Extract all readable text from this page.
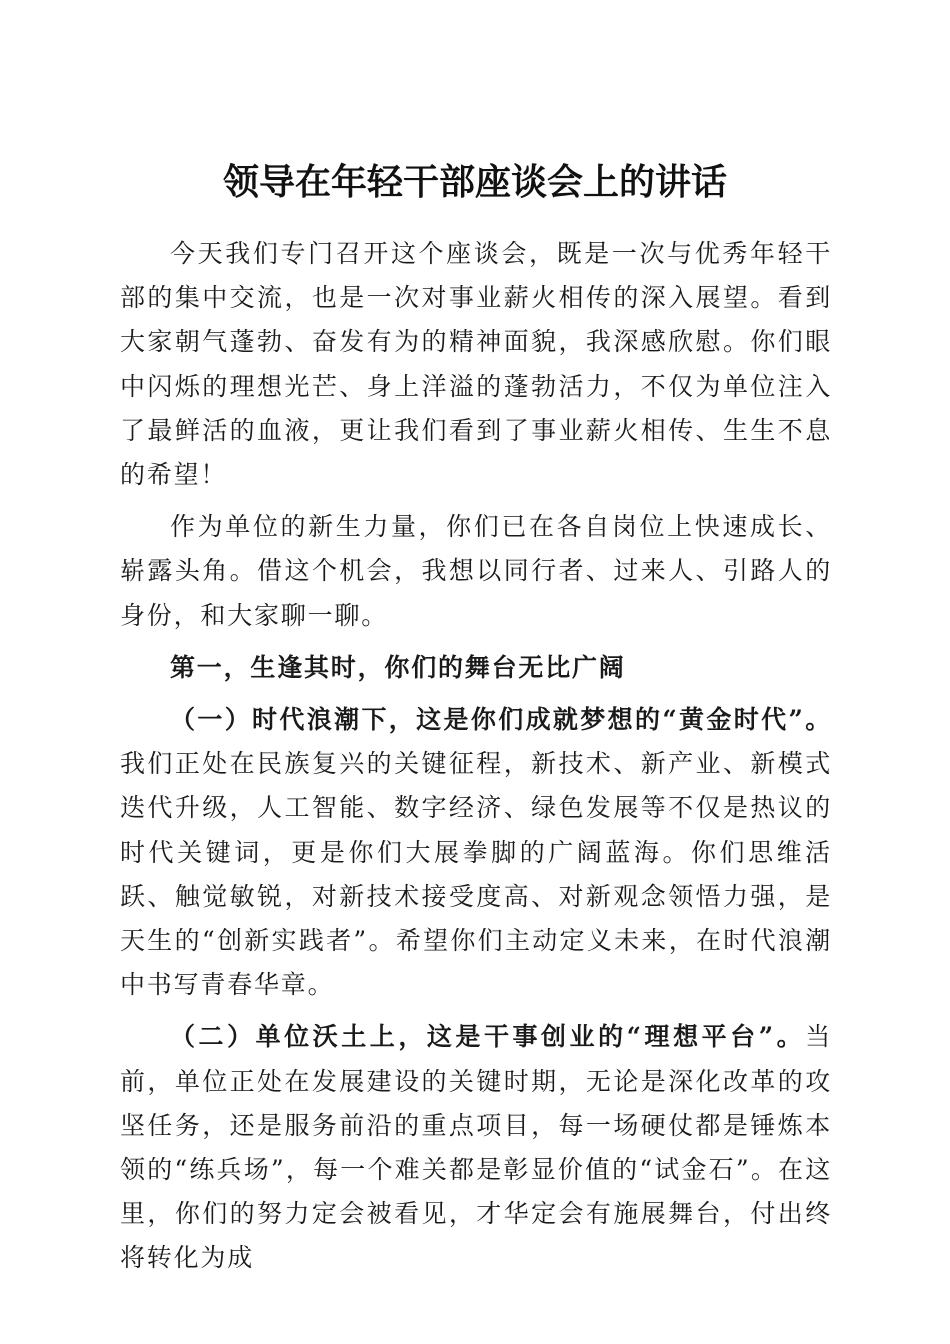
领导在年轻干部座谈会上的讲话

今天我们专门召开这个座谈会，既是一次与优秀年轻干部的集中交流，也是一次对事业薪火相传的深入展望。看到大家朝气蓬勃、奋发有为的精神面貌，我深感欣慰。你们眼中闪烁的理想光芒、身上洋溢的蓬勃活力，不仅为单位注入了最鲜活的血液，更让我们看到了事业薪火相传、生生不息的希望！

作为单位的新生力量，你们已在各自岗位上快速成长、崭露头角。借这个机会，我想以同行者、过来人、引路人的身份，和大家聊一聊。

第一，生逢其时，你们的舞台无比广阔

（一）时代浪潮下，这是你们成就梦想的“黄金时代”。我们正处在民族复兴的关键征程，新技术、新产业、新模式迭代升级，人工智能、数字经济、绿色发展等不仅是热议的时代关键词，更是你们大展拳脚的广阔蓝海。你们思维活跃、触觉敏锐，对新技术接受度高、对新观念领悟力强，是天生的“创新实践者”。希望你们主动定义未来，在时代浪潮中书写青春华章。

（二）单位沃土上，这是干事创业的“理想平台”。当前，单位正处在发展建设的关键时期，无论是深化改革的攻坚任务，还是服务前沿的重点项目，每一场硬仗都是锤炼本领的“练兵场”，每一个难关都是彰显价值的“试金石”。在这里，你们的努力定会被看见，才华定会有施展舞台，付出终将转化为成
